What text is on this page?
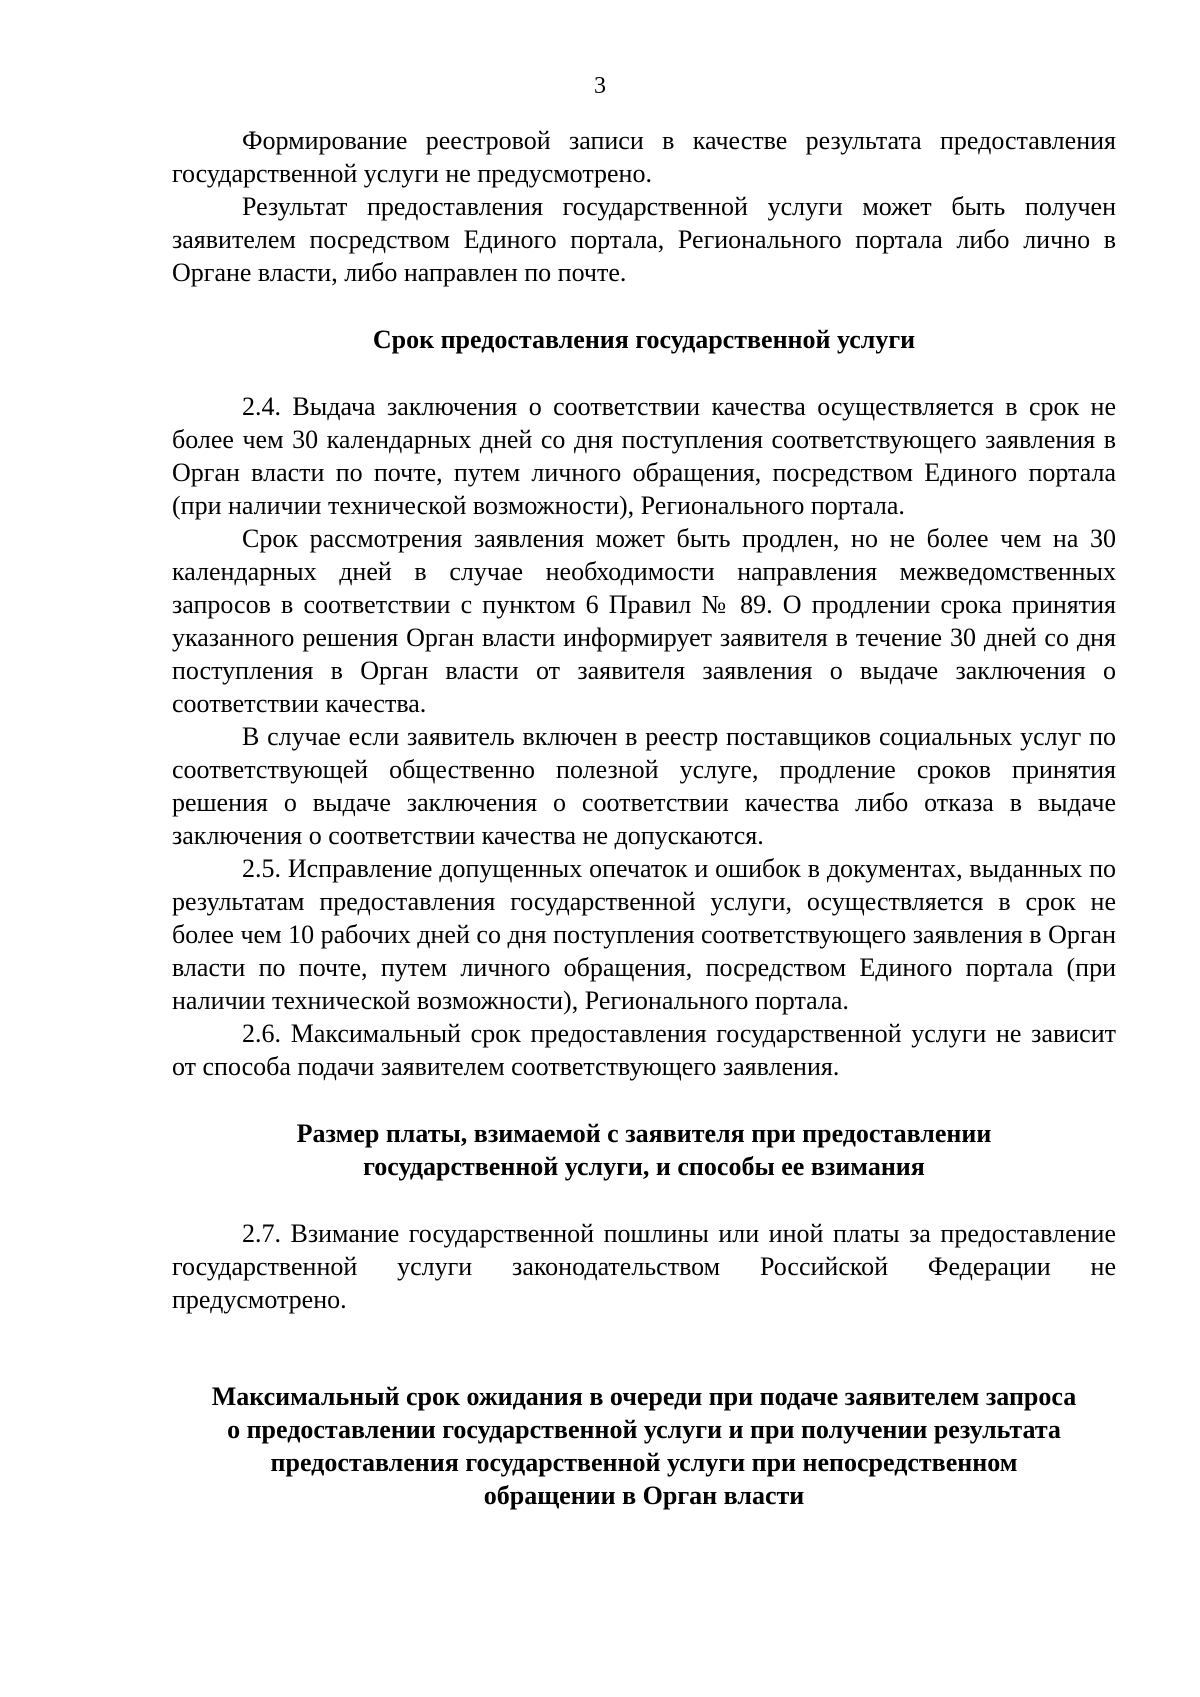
3

Формирование реестровой записи в качестве результата предоставления государственной услуги не предусмотрено.

Результат предоставления государственной услуги может быть получен заявителем посредством Единого портала, Регионального портала либо лично в Органе власти, либо направлен по почте.

Срок предоставления государственной услуги

2.4. Выдача заключения о соответствии качества осуществляется в срок не более чем 30 календарных дней со дня поступления соответствующего заявления в Орган власти по почте, путем личного обращения, посредством Единого портала (при наличии технической возможности), Регионального портала.

Срок рассмотрения заявления может быть продлен, но не более чем на 30 календарных дней в случае необходимости направления межведомственных запросов в соответствии с пунктом 6 Правил № 89. О продлении срока принятия указанного решения Орган власти информирует заявителя в течение 30 дней со дня поступления в Орган власти от заявителя заявления о выдаче заключения о соответствии качества.

В случае если заявитель включен в реестр поставщиков социальных услуг по соответствующей общественно полезной услуге, продление сроков принятия решения о выдаче заключения о соответствии качества либо отказа в выдаче заключения о соответствии качества не допускаются.

2.5. Исправление допущенных опечаток и ошибок в документах, выданных по результатам предоставления государственной услуги, осуществляется в срок не более чем 10 рабочих дней со дня поступления соответствующего заявления в Орган власти по почте, путем личного обращения, посредством Единого портала (при наличии технической возможности), Регионального портала.

2.6. Максимальный срок предоставления государственной услуги не зависит от способа подачи заявителем соответствующего заявления.

Размер платы, взимаемой с заявителя при предоставлении
государственной услуги, и способы ее взимания

2.7. Взимание государственной пошлины или иной платы за предоставление государственной услуги законодательством Российской Федерации не предусмотрено.

Максимальный срок ожидания в очереди при подаче заявителем запроса
о предоставлении государственной услуги и при получении результата
предоставления государственной услуги при непосредственном
обращении в Орган власти
